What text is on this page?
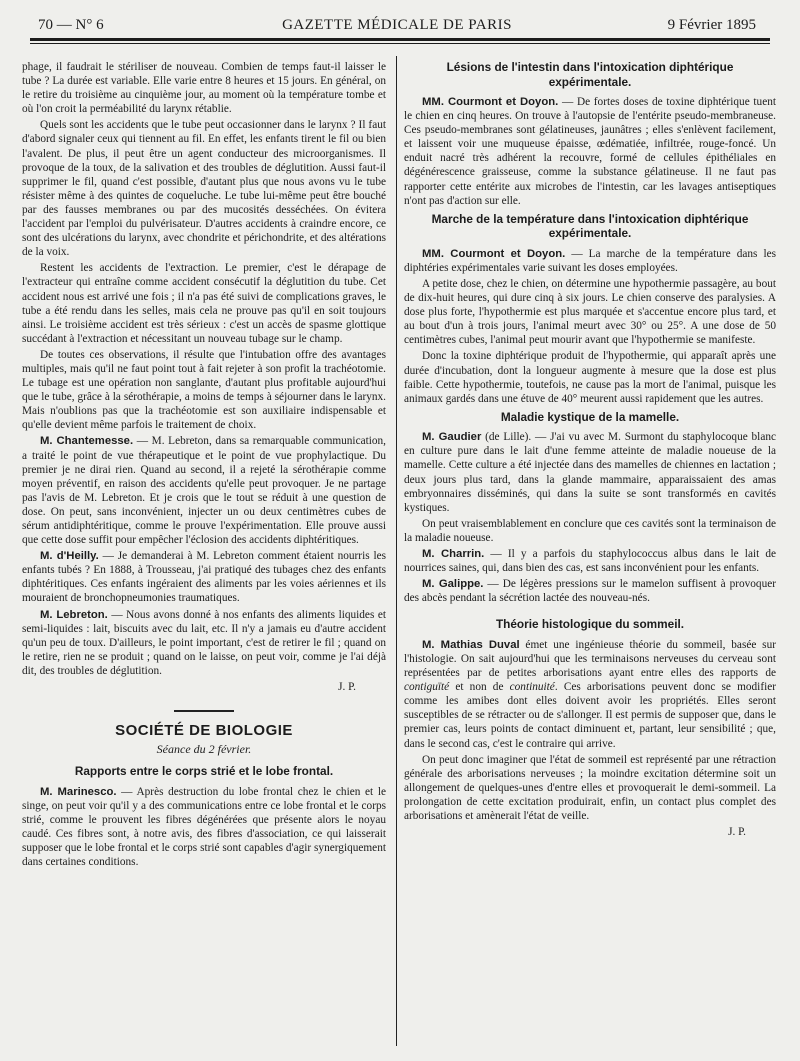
70 — N° 6	GAZETTE MÉDICALE DE PARIS	9 Février 1895

phage, il faudrait le stériliser de nouveau. Combien de temps faut-il laisser le tube ? La durée est variable. Elle varie entre 8 heures et 15 jours. En général, on le retire du troisième au cinquième jour, au moment où la température tombe et où l'on croit la perméabilité du larynx rétablie.

Quels sont les accidents que le tube peut occasionner dans le larynx ? Il faut d'abord signaler ceux qui tiennent au fil. En effet, les enfants tirent le fil ou bien l'avalent. De plus, il peut être un agent conducteur des microorganismes. Il provoque de la toux, de la salivation et des troubles de déglutition. Aussi faut-il supprimer le fil, quand c'est possible, d'autant plus que nous avons vu le tube résister même à des quintes de coqueluche. Le tube lui-même peut être bouché par des fausses membranes ou par des mucosités desséchées. On évitera l'accident par l'emploi du pulvérisateur. D'autres accidents à craindre encore, ce sont des ulcérations du larynx, avec chondrite et périchondrite, et des altérations de la voix.

Restent les accidents de l'extraction. Le premier, c'est le dérapage de l'extracteur qui entraîne comme accident consécutif la déglutition du tube. Cet accident nous est arrivé une fois ; il n'a pas été suivi de complications graves, le tube a été rendu dans les selles, mais cela ne prouve pas qu'il en soit toujours ainsi. Le troisième accident est très sérieux : c'est un accès de spasme glottique succédant à l'extraction et nécessitant un nouveau tubage sur le champ.

De toutes ces observations, il résulte que l'intubation offre des avantages multiples, mais qu'il ne faut point tout à fait rejeter à son profit la trachéotomie. Le tubage est une opération non sanglante, d'autant plus profitable aujourd'hui que le tube, grâce à la sérothérapie, a moins de temps à séjourner dans le larynx. Mais n'oublions pas que la trachéotomie est son auxiliaire indispensable et qu'elle devient même parfois le traitement de choix.

M. Chantemesse. — M. Lebreton, dans sa remarquable communication, a traité le point de vue thérapeutique et le point de vue prophylactique. Du premier je ne dirai rien. Quand au second, il a rejeté la sérothérapie comme moyen préventif, en raison des accidents qu'elle peut provoquer. Je ne partage pas l'avis de M. Lebreton. Et je crois que le tout se réduit à une question de dose. On peut, sans inconvénient, injecter un ou deux centimètres cubes de sérum antidiphtéritique, comme le prouve l'expérimentation. Elle prouve aussi que cette dose suffit pour empêcher l'éclosion des accidents diphtéritiques.

M. d'Heilly. — Je demanderai à M. Lebreton comment étaient nourris les enfants tubés ? En 1888, à Trousseau, j'ai pratiqué des tubages chez des enfants diphtéritiques. Ces enfants ingéraient des aliments par les voies aériennes et ils mouraient de bronchopneumonies traumatiques.

M. Lebreton. — Nous avons donné à nos enfants des aliments liquides et semi-liquides : lait, biscuits avec du lait, etc. Il n'y a jamais eu d'autre accident qu'un peu de toux. D'ailleurs, le point important, c'est de retirer le fil ; quand on le retire, rien ne se produit ; quand on le laisse, on peut voir, comme je l'ai déjà dit, des troubles de déglutition.

J. P.
SOCIÉTÉ DE BIOLOGIE
Séance du 2 février.
Rapports entre le corps strié et le lobe frontal.

M. Marinesco. — Après destruction du lobe frontal chez le chien et le singe, on peut voir qu'il y a des communications entre ce lobe frontal et le corps strié, comme le prouvent les fibres dégénérées que présente alors le noyau caudé. Ces fibres sont, à notre avis, des fibres d'association, ce qui laisserait supposer que le lobe frontal et le corps strié sont capables d'agir synergiquement dans certaines conditions.

Lésions de l'intestin dans l'intoxication diphtérique expérimentale.

MM. Courmont et Doyon. — De fortes doses de toxine diphtérique tuent le chien en cinq heures. On trouve à l'autopsie de l'entérite pseudo-membraneuse. Ces pseudo-membranes sont gélatineuses, jaunâtres ; elles s'enlèvent facilement, et laissent voir une muqueuse épaisse, œdématiée, infiltrée, rouge-foncé. Un enduit nacré très adhérent la recouvre, formé de cellules épithéliales en dégénérescence graisseuse, comme la substance gélatineuse. Il ne faut pas rapporter cette entérite aux microbes de l'intestin, car les lavages antiseptiques n'ont pas d'action sur elle.

Marche de la température dans l'intoxication diphtérique expérimentale.

MM. Courmont et Doyon. — La marche de la température dans les diphtéries expérimentales varie suivant les doses employées.

A petite dose, chez le chien, on détermine une hypothermie passagère, au bout de dix-huit heures, qui dure cinq à six jours. Le chien conserve des paralysies. A dose plus forte, l'hypothermie est plus marquée et s'accentue encore plus tard, et au bout d'un à trois jours, l'animal meurt avec 30° ou 25°. A une dose de 50 centimètres cubes, l'animal peut mourir avant que l'hypothermie se manifeste.

Donc la toxine diphtérique produit de l'hypothermie, qui apparaît après une durée d'incubation, dont la longueur augmente à mesure que la dose est plus faible. Cette hypothermie, toutefois, ne cause pas la mort de l'animal, puisque les animaux gardés dans une étuve de 40° meurent aussi rapidement que les autres.

Maladie kystique de la mamelle.

M. Gaudier (de Lille). — J'ai vu avec M. Surmont du staphylocoque blanc en culture pure dans le lait d'une femme atteinte de maladie noueuse de la mamelle. Cette culture a été injectée dans des mamelles de chiennes en lactation ; deux jours plus tard, dans la glande mammaire, apparaissaient des amas embryonnaires disséminés, qui dans la suite se sont transformés en cavités kystiques.

On peut vraisemblablement en conclure que ces cavités sont la terminaison de la maladie noueuse.

M. Charrin. — Il y a parfois du staphylococcus albus dans le lait de nourrices saines, qui, dans bien des cas, est sans inconvénient pour les enfants.

M. Galippe. — De légères pressions sur le mamelon suffisent à provoquer des abcès pendant la sécrétion lactée des nouveau-nés.

Théorie histologique du sommeil.

M. Mathias Duval émet une ingénieuse théorie du sommeil, basée sur l'histologie. On sait aujourd'hui que les terminaisons nerveuses du cerveau sont représentées par de petites arborisations ayant entre elles des rapports de contiguïté et non de continuité. Ces arborisations peuvent donc se modifier comme les amibes dont elles doivent avoir les propriétés. Elles seront susceptibles de se rétracter ou de s'allonger. Il est permis de supposer que, dans le premier cas, leurs points de contact diminuent et, partant, leur sensibilité ; que, dans le second cas, c'est le contraire qui arrive.

On peut donc imaginer que l'état de sommeil est représenté par une rétraction générale des arborisations nerveuses ; la moindre excitation détermine soit un allongement de quelques-unes d'entre elles et provoquerait le demi-sommeil. La prolongation de cette excitation produirait, enfin, un contact plus complet des arborisations et amènerait l'état de veille.

J. P.
